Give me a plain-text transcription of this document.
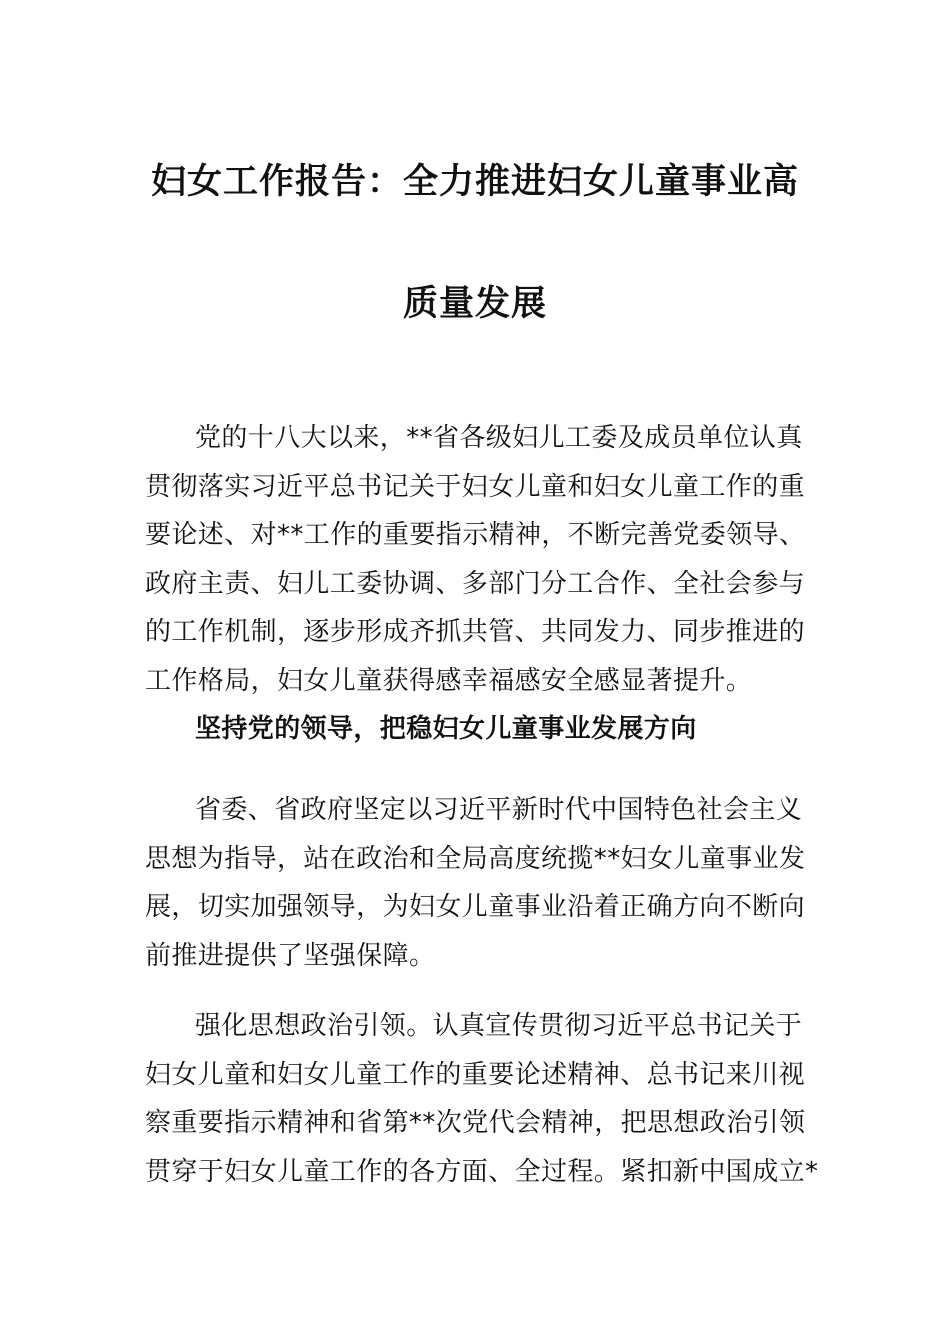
妇女工作报告：全力推进妇女儿童事业高
质量发展
党的十八大以来，**省各级妇儿工委及成员单位认真
贯彻落实习近平总书记关于妇女儿童和妇女儿童工作的重
要论述、对**工作的重要指示精神，不断完善党委领导、
政府主责、妇儿工委协调、多部门分工合作、全社会参与
的工作机制，逐步形成齐抓共管、共同发力、同步推进的
工作格局，妇女儿童获得感幸福感安全感显著提升。
坚持党的领导，把稳妇女儿童事业发展方向
省委、省政府坚定以习近平新时代中国特色社会主义
思想为指导，站在政治和全局高度统揽**妇女儿童事业发
展，切实加强领导，为妇女儿童事业沿着正确方向不断向
前推进提供了坚强保障。
强化思想政治引领。认真宣传贯彻习近平总书记关于
妇女儿童和妇女儿童工作的重要论述精神、总书记来川视
察重要指示精神和省第**次党代会精神，把思想政治引领
贯穿于妇女儿童工作的各方面、全过程。紧扣新中国成立*
